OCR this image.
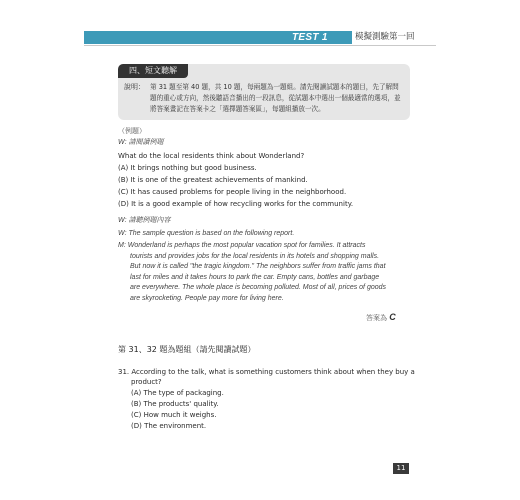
TEST 1	模擬測驗第一回
四、短文聽解
說明： 第 31 題至第 40 題，共 10 題，每兩題為一題組。請先閱讀試題本的題目，先了解問題的重心或方向，然後聽語音播出的一段訊息，從試題本中選出一個最適當的選項，並將答案畫記在答案卡之「選擇題答案區」，每題組播放一次。
（例題）
W: 請閱讀例題
What do the local residents think about Wonderland?
(A) It brings nothing but good business.
(B) It is one of the greatest achievements of mankind.
(C) It has caused problems for people living in the neighborhood.
(D) It is a good example of how recycling works for the community.
W: 請聽例題內容
W: The sample question is based on the following report.
M: Wonderland is perhaps the most popular vacation spot for families. It attracts
tourists and provides jobs for the local residents in its hotels and shopping malls.
But now it is called "the tragic kingdom." The neighbors suffer from traffic jams that
last for miles and it takes hours to park the car. Empty cans, bottles and garbage
are everywhere. The whole place is becoming polluted. Most of all, prices of goods
are skyrocketing. People pay more for living here.
答案為 C
第 31、32 題為題組（請先閱讀試題）
31. According to the talk, what is something customers think about when they buy a
product?
(A) The type of packaging.
(B) The products' quality.
(C) How much it weighs.
(D) The environment.
11
